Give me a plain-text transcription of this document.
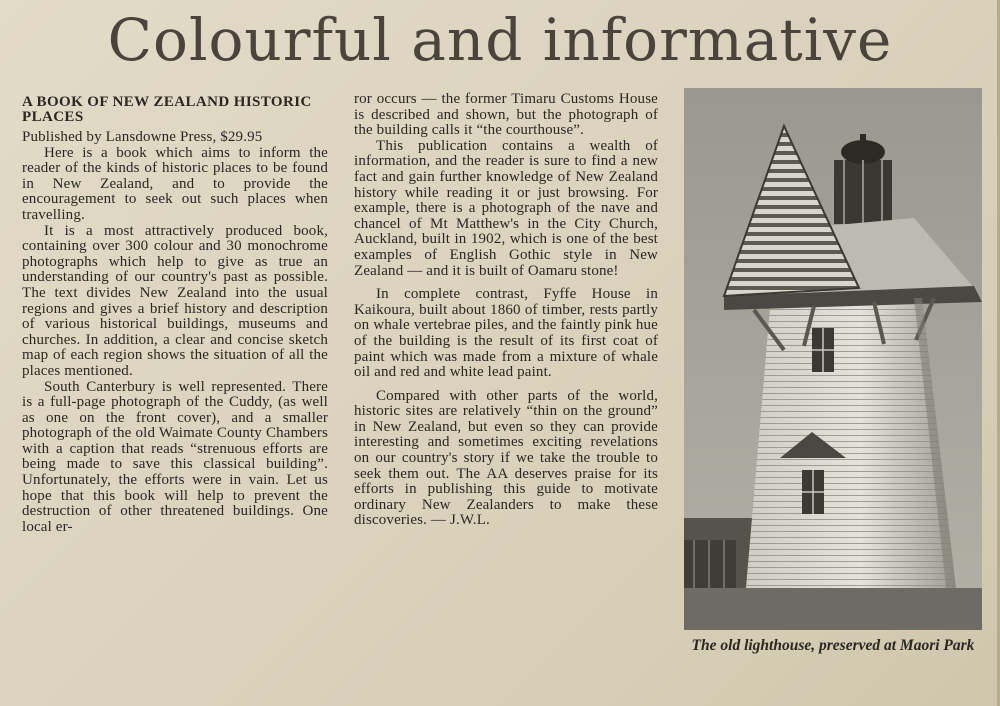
Colourful and informative
A BOOK OF NEW ZEALAND HISTORIC PLACES

Published by Lansdowne Press, $29.95

Here is a book which aims to inform the reader of the kinds of historic places to be found in New Zealand, and to provide the encouragement to seek out such places when travelling.

It is a most attractively produced book, containing over 300 colour and 30 monochrome photographs which help to give as true an understanding of our country's past as possible. The text divides New Zealand into the usual regions and gives a brief history and description of various historical buildings, museums and churches. In addition, a clear and concise sketch map of each region shows the situation of all the places mentioned.

South Canterbury is well represented. There is a full-page photograph of the Cuddy, (as well as one on the front cover), and a smaller photograph of the old Waimate County Chambers with a caption that reads “strenuous efforts are being made to save this classical building”. Unfortunately, the efforts were in vain. Let us hope that this book will help to prevent the destruction of other threatened buildings. One local er-

ror occurs — the former Timaru Customs House is described and shown, but the photograph of the building calls it “the courthouse”.

This publication contains a wealth of information, and the reader is sure to find a new fact and gain further knowledge of New Zealand history while reading it or just browsing. For example, there is a photograph of the nave and chancel of Mt Matthew's in the City Church, Auckland, built in 1902, which is one of the best examples of English Gothic style in New Zealand — and it is built of Oamaru stone!

In complete contrast, Fyffe House in Kaikoura, built about 1860 of timber, rests partly on whale vertebrae piles, and the faintly pink hue of the building is the result of its first coat of paint which was made from a mixture of whale oil and red and white lead paint.

Compared with other parts of the world, historic sites are relatively “thin on the ground” in New Zealand, but even so they can provide interesting and sometimes exciting revelations on our country's story if we take the trouble to seek them out. The AA deserves praise for its efforts in publishing this guide to motivate ordinary New Zealanders to make these discoveries. — J.W.L.

The old lighthouse, preserved at Maori Park
